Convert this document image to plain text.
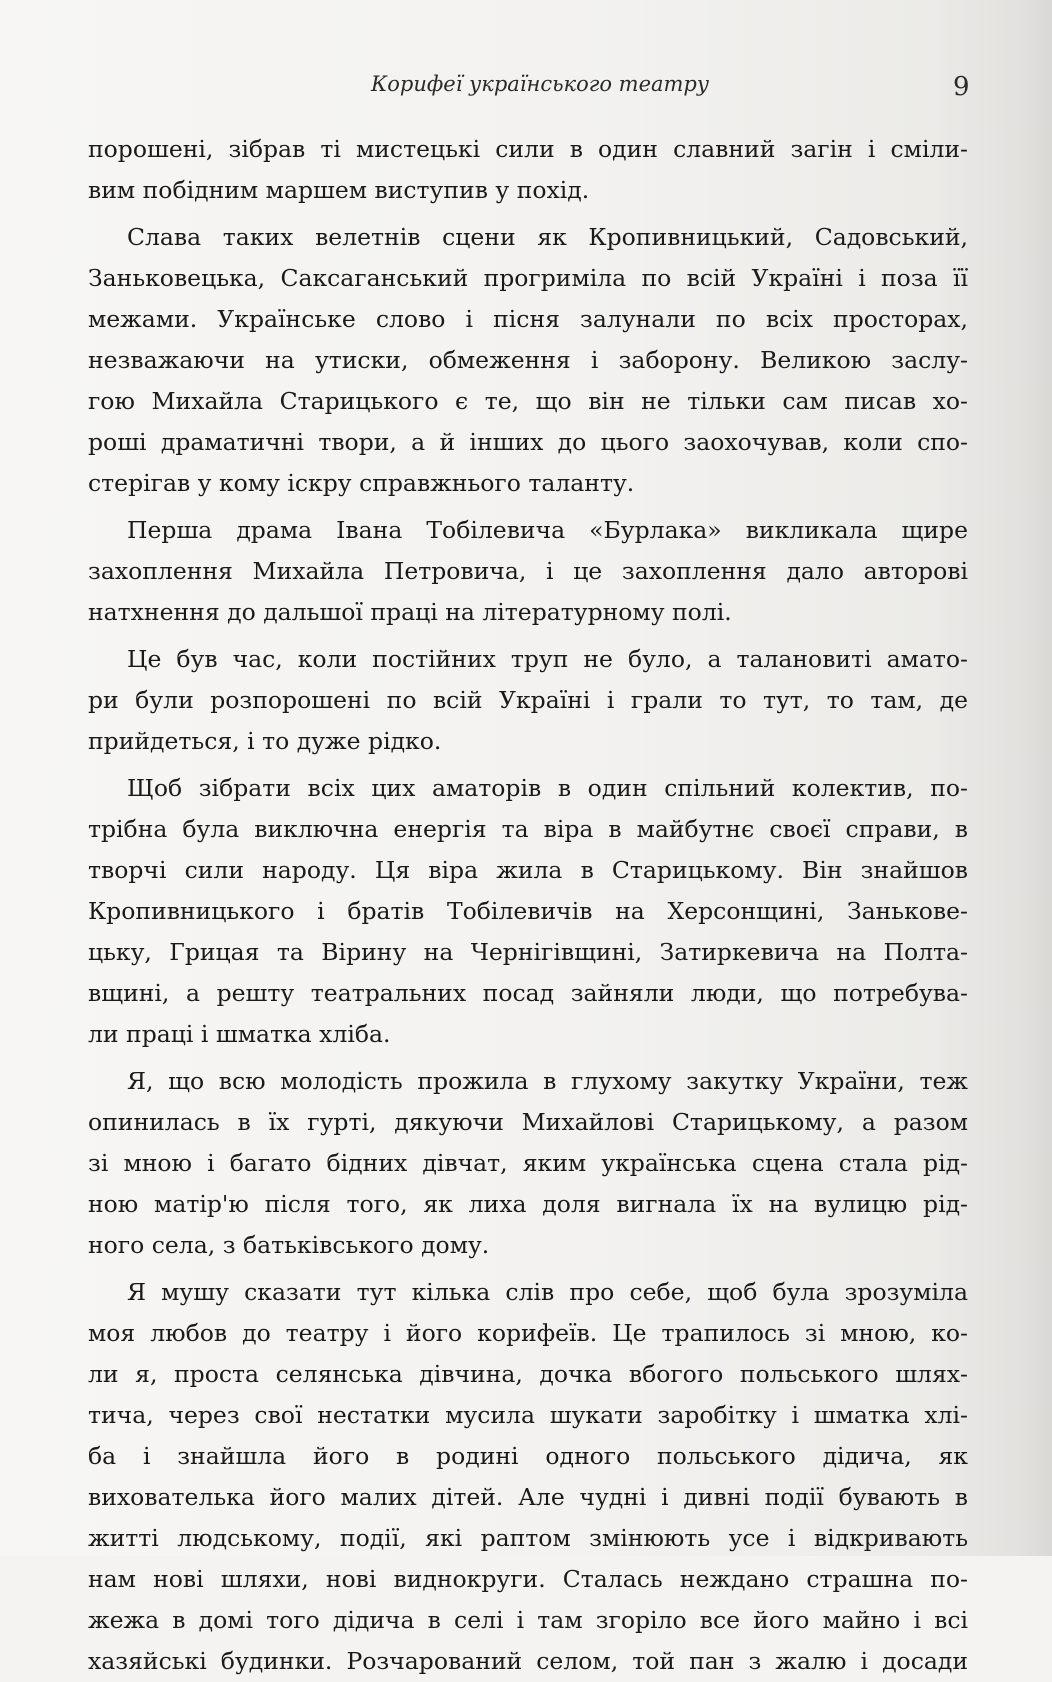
Корифеї українського театру	9
порошені, зібрав ті мистецькі сили в один славний загін і сміли-
вим побідним маршем виступив у похід.
Слава таких велетнів сцени як Кропивницький, Садовський,
Заньковецька, Саксаганський прогриміла по всій Україні і поза її
межами. Українське слово і пісня залунали по всіх просторах,
незважаючи на утиски, обмеження і заборону. Великою заслу-
гою Михайла Старицького є те, що він не тільки сам писав хо-
роші драматичні твори, а й інших до цього заохочував, коли спо-
стерігав у кому іскру справжнього таланту.
Перша драма Івана Тобілевича «Бурлака» викликала щире
захоплення Михайла Петровича, і це захоплення дало авторові
натхнення до дальшої праці на літературному полі.
Це був час, коли постійних труп не було, а талановиті амато-
ри були розпорошені по всій Україні і грали то тут, то там, де
прийдеться, і то дуже рідко.
Щоб зібрати всіх цих аматорів в один спільний колектив, по-
трібна була виключна енергія та віра в майбутнє своєї справи, в
творчі сили народу. Ця віра жила в Старицькому. Він знайшов
Кропивницького і братів Тобілевичів на Херсонщині, Заньковe-
цьку, Грицая та Вірину на Чернігівщині, Затиркевича на Полта-
вщині, а решту театральних посад зайняли люди, що потребува-
ли праці і шматка хліба.
Я, що всю молодість прожила в глухому закутку України, теж
опинилась в їх гурті, дякуючи Михайлові Старицькому, а разом
зі мною і багато бідних дівчат, яким українська сцена стала рід-
ною матір'ю після того, як лиха доля вигнала їх на вулицю рід-
ного села, з батьківського дому.
Я мушу сказати тут кілька слів про себе, щоб була зрозуміла
моя любов до театру і його корифеїв. Це трапилось зі мною, ко-
ли я, проста селянська дівчина, дочка вбогого польського шлях-
тича, через свої нестатки мусила шукати заробітку і шматка хлі-
ба і знайшла його в родині одного польського дідича, як
вихователька його малих дітей. Але чудні і дивні події бувають в
житті людському, події, які раптом змінюють усе і відкривають
нам нові шляхи, нові виднокруги. Сталась неждано страшна по-
жежа в домі того дідича в селі і там згоріло все його майно і всі
хазяйські будинки. Розчарований селом, той пан з жалю і досади
